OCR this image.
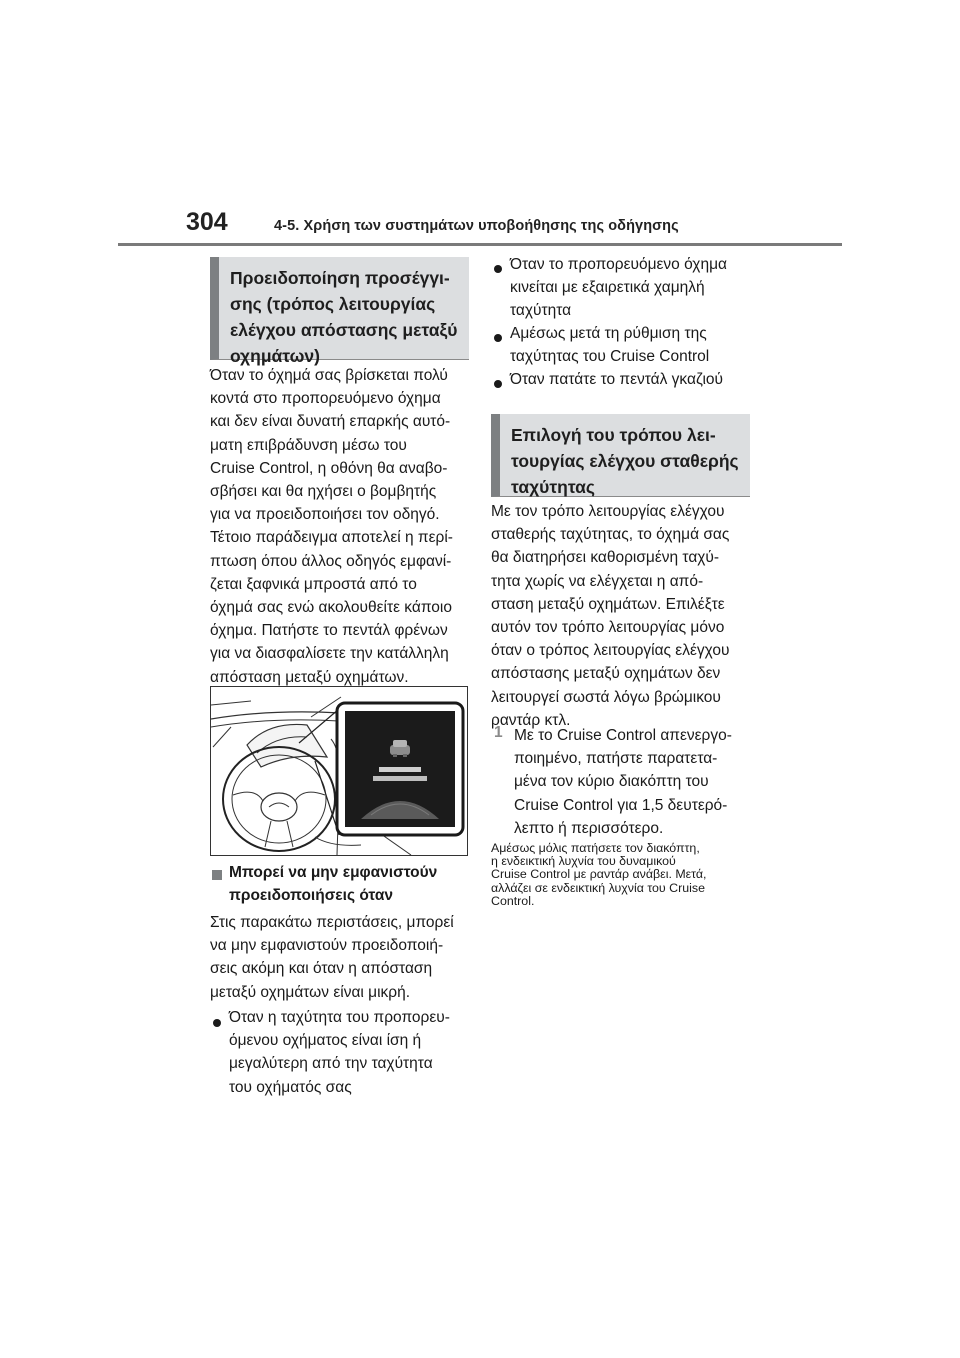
304	4-5. Χρήση των συστημάτων υποβοήθησης της οδήγησης
Προειδοποίηση προσέγγι-
σης (τρόπος λειτουργίας
ελέγχου απόστασης μεταξύ
οχημάτων)
Όταν το όχημά σας βρίσκεται πολύ
κοντά στο προπορευόμενο όχημα
και δεν είναι δυνατή επαρκής αυτό-
ματη επιβράδυνση μέσω του
Cruise Control, η οθόνη θα αναβο-
σβήσει και θα ηχήσει ο βομβητής
για να προειδοποιήσει τον οδηγό.
Τέτοιο παράδειγμα αποτελεί η περί-
πτωση όπου άλλος οδηγός εμφανί-
ζεται ξαφνικά μπροστά από το
όχημά σας ενώ ακολουθείτε κάποιο
όχημα. Πατήστε το πεντάλ φρένων
για να διασφαλίσετε την κατάλληλη
απόσταση μεταξύ οχημάτων.
Μπορεί να μην εμφανιστούν
προειδοποιήσεις όταν
Στις παρακάτω περιστάσεις, μπορεί
να μην εμφανιστούν προειδοποιή-
σεις ακόμη και όταν η απόσταση
μεταξύ οχημάτων είναι μικρή.
Όταν η ταχύτητα του προπορευ-
όμενου οχήματος είναι ίση ή
μεγαλύτερη από την ταχύτητα
του οχήματός σας
Όταν το προπορευόμενο όχημα
κινείται με εξαιρετικά χαμηλή
ταχύτητα
Αμέσως μετά τη ρύθμιση της
ταχύτητας του Cruise Control
Όταν πατάτε το πεντάλ γκαζιού
Επιλογή του τρόπου λει-
τουργίας ελέγχου σταθερής
ταχύτητας
Με τον τρόπο λειτουργίας ελέγχου
σταθερής ταχύτητας, το όχημά σας
θα διατηρήσει καθορισμένη ταχύ-
τητα χωρίς να ελέγχεται η από-
σταση μεταξύ οχημάτων. Επιλέξτε
αυτόν τον τρόπο λειτουργίας μόνο
όταν ο τρόπος λειτουργίας ελέγχου
απόστασης μεταξύ οχημάτων δεν
λειτουργεί σωστά λόγω βρώμικου
ραντάρ κτλ.
1 Με το Cruise Control απενεργο-
ποιημένο, πατήστε παρατετα-
μένα τον κύριο διακόπτη του
Cruise Control για 1,5 δευτερό-
λεπτο ή περισσότερο.
Αμέσως μόλις πατήσετε τον διακόπτη,
η ενδεικτική λυχνία του δυναμικού
Cruise Control με ραντάρ ανάβει. Μετά,
αλλάζει σε ενδεικτική λυχνία του Cruise
Control.
